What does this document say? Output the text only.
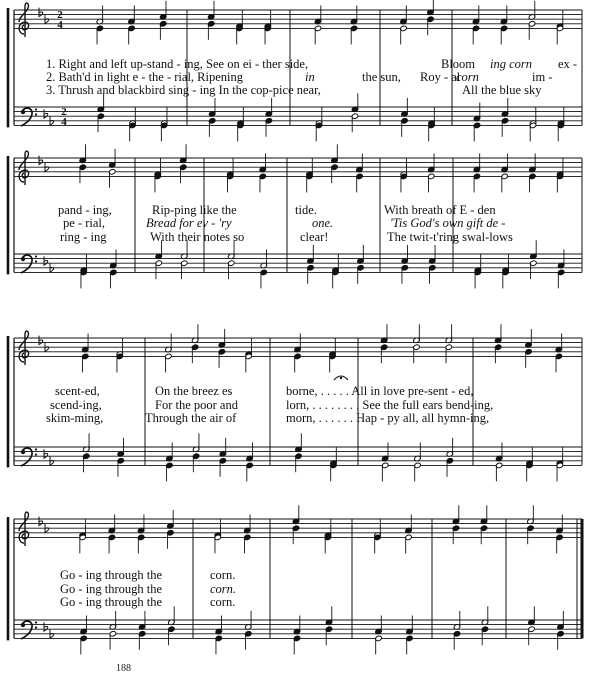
2
4
2
4
1. Right and left up-stand - ing, See on ei - ther side,	Bloom ing corn ex -
2. Bath'd in light e - the - rial, Ripening	in	the sun, Roy - al
corn	im -
3. Thrush and blackbird sing - ing In the cop-pice near,	All the blue sky
pand - ing,	Rip-ping like the	tide.	With breath of E - den
pe - rial,	Bread for ev - 'ry	one.	'Tis God's own gift de -
ring - ing	With their notes so	clear!	The twit-t'ring swal-lows
scent-ed,	On the breez es	borne, . . . . . All in love pre-sent - ed,
scend-ing,	For the poor and	lorn, . . . . . . . . See the full ears bend-ing,
skim-ming,	Through the air of	morn, . . . . . . Hap - py all, all hymn-ing,
Go - ing through the	corn.
Go - ing through the	corn.
Go - ing through the	corn.
188
